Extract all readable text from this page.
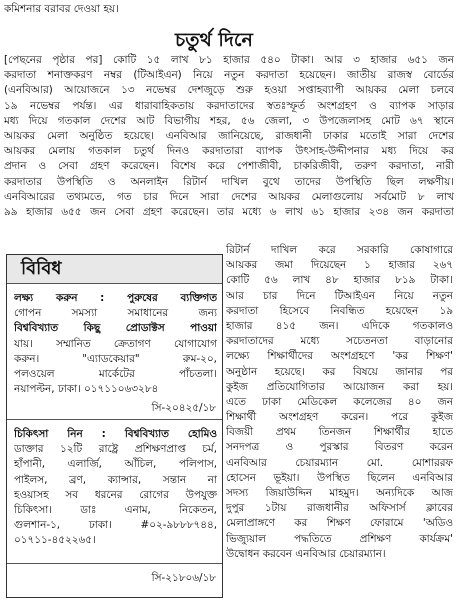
কমিশনার বরাবর দেওয়া হয়।
চতুর্থ দিনে
[পেছনের পৃষ্ঠার পর] কোটি ১৫ লাখ ৮১ হাজার ৫৪০ টাকা। আর ৩ হাজার ৬৫১ জন
করদাতা শনাক্তকরণ নম্বর (টিআইএন) নিয়ে নতুন করদাতা হয়েছেন। জাতীয় রাজস্ব বোর্ডের
(এনবিআর) আয়োজনে ১৩ নভেম্বর দেশজুড়ে শুরু হওয়া সপ্তাহব্যাপী আয়কর মেলা চলবে
১৯ নভেম্বর পর্যন্ত। এর ধারাবাহিকতায় করদাতাদের স্বতঃস্ফূর্ত অংশগ্রহণ ও ব্যাপক সাড়ার
মধ্য দিয়ে গতকাল দেশের আট বিভাগীয় শহর, ৫৬ জেলা, ৩ উপজেলাসহ মোট ৬৭ স্থানে
আয়কর মেলা অনুষ্ঠিত হয়েছে। এনবিআর জানিয়েছে, রাজধানী ঢাকার মতোই সারা দেশের
আয়কর মেলায় গতকাল চতুর্থ দিনও করদাতারা ব্যাপক উৎসাহ-উদ্দীপনার মধ্য দিয়ে কর
প্রদান ও সেবা গ্রহণ করেছেন। বিশেষ করে পেশাজীবী, চাকরিজীবী, তরুণ করদাতা, নারী
করদাতার উপস্থিতি ও অনলাইন রিটার্ন দাখিল বুথে তাদের উপস্থিতি ছিল লক্ষণীয়।
এনবিআরের তথ্যমতে, গত চার দিনে সারা দেশের আয়কর মেলাগুলোয় সর্বমোট ৮ লাখ
৯৯ হাজার ৬৫৫ জন সেবা গ্রহণ করেছেন। তার মধ্যে ৬ লাখ ৬১ হাজার ২৩৪ জন করদাতা
রিটার্ন দাখিল করে সরকারি কোষাগারে
আয়কর জমা দিয়েছেন ১ হাজার ২৬৭
কোটি ৫৬ লাখ ৪৮ হাজার ৮১৯ টাকা।
আর চার দিনে টিআইএন নিয়ে নতুন
করদাতা হিসেবে নিবন্ধিত হয়েছেন ১৯
হাজার ৪১৫ জন। এদিকে গতকালও
করদাতাদের মধ্যে সচেতনতা বাড়ানোর
লক্ষ্যে শিক্ষার্থীদের অংশগ্রহণে 'কর শিক্ষণ'
অনুষ্ঠান হয়েছে। কর বিষয়ে জানার পর
কুইজ প্রতিযোগিতার আয়োজন করা হয়।
এতে ঢাকা মেডিকেল কলেজের ৪০ জন
শিক্ষার্থী অংশগ্রহণ করেন। পরে কুইজ
বিজয়ী প্রথম তিনজন শিক্ষার্থীর হাতে
সনদপত্র ও পুরস্কার বিতরণ করেন
এনবিআর চেয়ারম্যান মো. মোশাররফ
হোসেন ভূইয়া। উপস্থিত ছিলেন এনবিআর
সদস্য জিয়াউদ্দিন মাহমুদ। অন্যদিকে আজ
দুপুর ১টায় রাজধানীর অফিসার্স ক্লাবের
মেলাপ্রাঙ্গণে কর শিক্ষণ ফোরামে 'অডিও
ভিজ্যুয়াল পদ্ধতিতে প্রশিক্ষণ কার্যক্রম'
উদ্বোধন করবেন এনবিআর চেয়ারম্যান।
বিবিধ
লক্ষ্য করুন : পুরুষের ব্যক্তিগত
গোপন সমস্যা সমাধানের জন্য
বিশ্ববিখ্যাত কিছু প্রোডাক্টস পাওয়া
যায়। সম্মানিত ক্রেতাগণ যোগাযোগ
করুন। "এ্যাডকেয়ার" রুম-২০,
পলওয়েল মার্কেটের পাঁচতলা।
নয়াপল্টন, ঢাকা। ০১৭১১০৬৩২৮৪
সি-২০৪২৫/১৮
চিকিৎসা নিন : বিশ্ববিখ্যাত হোমিও
ডাক্তার ১২টি রাষ্ট্রে প্রশিক্ষণপ্রাপ্ত চর্ম,
হাঁপানী, এলার্জি, আঁচিল, পলিপাস,
পাইলস, ব্রণ, ক্যান্সার, সন্তান না
হওয়াসহ সব ধরনের রোগের উপযুক্ত
চিকিৎসা। ডাঃ এনাম, নিকেতন,
গুলশান-১, ঢাকা। #০২-৯৮৮৮৭৪৪,
০১৭১১-৪৫২২৬৫।
সি-২১৮০৬/১৮
